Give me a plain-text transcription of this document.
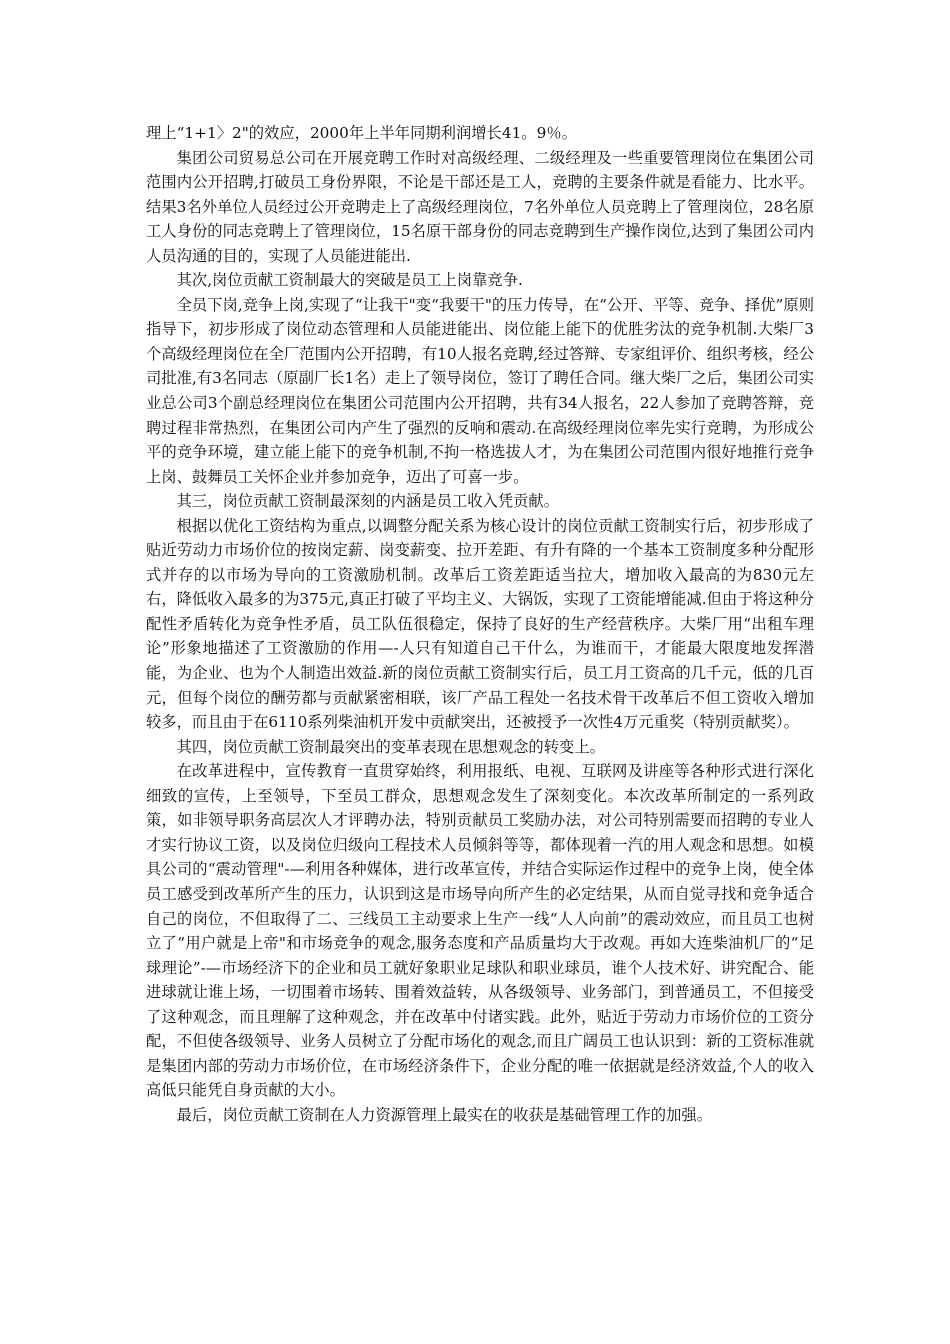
理上“1+1〉2"的效应，2000年上半年同期利润增长41。9％。

集团公司贸易总公司在开展竞聘工作时对高级经理、二级经理及一些重要管理岗位在集团公司范围内公开招聘,打破员工身份界限，不论是干部还是工人，竞聘的主要条件就是看能力、比水平。结果3名外单位人员经过公开竞聘走上了高级经理岗位，7名外单位人员竞聘上了管理岗位，28名原工人身份的同志竞聘上了管理岗位，15名原干部身份的同志竞聘到生产操作岗位,达到了集团公司内人员沟通的目的，实现了人员能进能出.

其次,岗位贡献工资制最大的突破是员工上岗靠竞争.

全员下岗,竞争上岗,实现了“让我干"变“我要干"的压力传导，在“公开、平等、竞争、择优”原则指导下，初步形成了岗位动态管理和人员能进能出、岗位能上能下的优胜劣汰的竞争机制.大柴厂3个高级经理岗位在全厂范围内公开招聘，有10人报名竞聘,经过答辩、专家组评价、组织考核，经公司批准,有3名同志（原副厂长1名）走上了领导岗位，签订了聘任合同。继大柴厂之后，集团公司实业总公司3个副总经理岗位在集团公司范围内公开招聘，共有34人报名，22人参加了竞聘答辩，竞聘过程非常热烈，在集团公司内产生了强烈的反响和震动.在高级经理岗位率先实行竞聘，为形成公平的竞争环境，建立能上能下的竞争机制,不拘一格选拔人才，为在集团公司范围内很好地推行竞争上岗、鼓舞员工关怀企业并参加竞争，迈出了可喜一步。

其三，岗位贡献工资制最深刻的内涵是员工收入凭贡献。

根据以优化工资结构为重点,以调整分配关系为核心设计的岗位贡献工资制实行后，初步形成了贴近劳动力市场价位的按岗定薪、岗变薪变、拉开差距、有升有降的一个基本工资制度多种分配形式并存的以市场为导向的工资激励机制。改革后工资差距适当拉大，增加收入最高的为830元左右，降低收入最多的为375元,真正打破了平均主义、大锅饭，实现了工资能增能减.但由于将这种分配性矛盾转化为竞争性矛盾，员工队伍很稳定，保持了良好的生产经营秩序。大柴厂用“出租车理论”形象地描述了工资激励的作用—-人只有知道自己干什么，为谁而干，才能最大限度地发挥潜能，为企业、也为个人制造出效益.新的岗位贡献工资制实行后，员工月工资高的几千元，低的几百元，但每个岗位的酬劳都与贡献紧密相联，该厂产品工程处一名技术骨干改革后不但工资收入增加较多，而且由于在6110系列柴油机开发中贡献突出，还被授予一次性4万元重奖（特别贡献奖）。

其四，岗位贡献工资制最突出的变革表现在思想观念的转变上。

在改革进程中，宣传教育一直贯穿始终，利用报纸、电视、互联网及讲座等各种形式进行深化细致的宣传，上至领导，下至员工群众，思想观念发生了深刻变化。本次改革所制定的一系列政策，如非领导职务高层次人才评聘办法，特别贡献员工奖励办法，对公司特别需要而招聘的专业人才实行协议工资，以及岗位归级向工程技术人员倾斜等等，都体现着一汽的用人观念和思想。如模具公司的“震动管理"-—利用各种媒体，进行改革宣传，并结合实际运作过程中的竞争上岗，使全体员工感受到改革所产生的压力，认识到这是市场导向所产生的必定结果，从而自觉寻找和竞争适合自己的岗位，不但取得了二、三线员工主动要求上生产一线“人人向前”的震动效应，而且员工也树立了“用户就是上帝"和市场竞争的观念,服务态度和产品质量均大于改观。再如大连柴油机厂的“足球理论”-—市场经济下的企业和员工就好象职业足球队和职业球员，谁个人技术好、讲究配合、能进球就让谁上场，一切围着市场转、围着效益转，从各级领导、业务部门，到普通员工，不但接受了这种观念，而且理解了这种观念，并在改革中付诸实践。此外，贴近于劳动力市场价位的工资分配，不但使各级领导、业务人员树立了分配市场化的观念,而且广阔员工也认识到：新的工资标准就是集团内部的劳动力市场价位，在市场经济条件下，企业分配的唯一依据就是经济效益,个人的收入高低只能凭自身贡献的大小。

最后，岗位贡献工资制在人力资源管理上最实在的收获是基础管理工作的加强。
